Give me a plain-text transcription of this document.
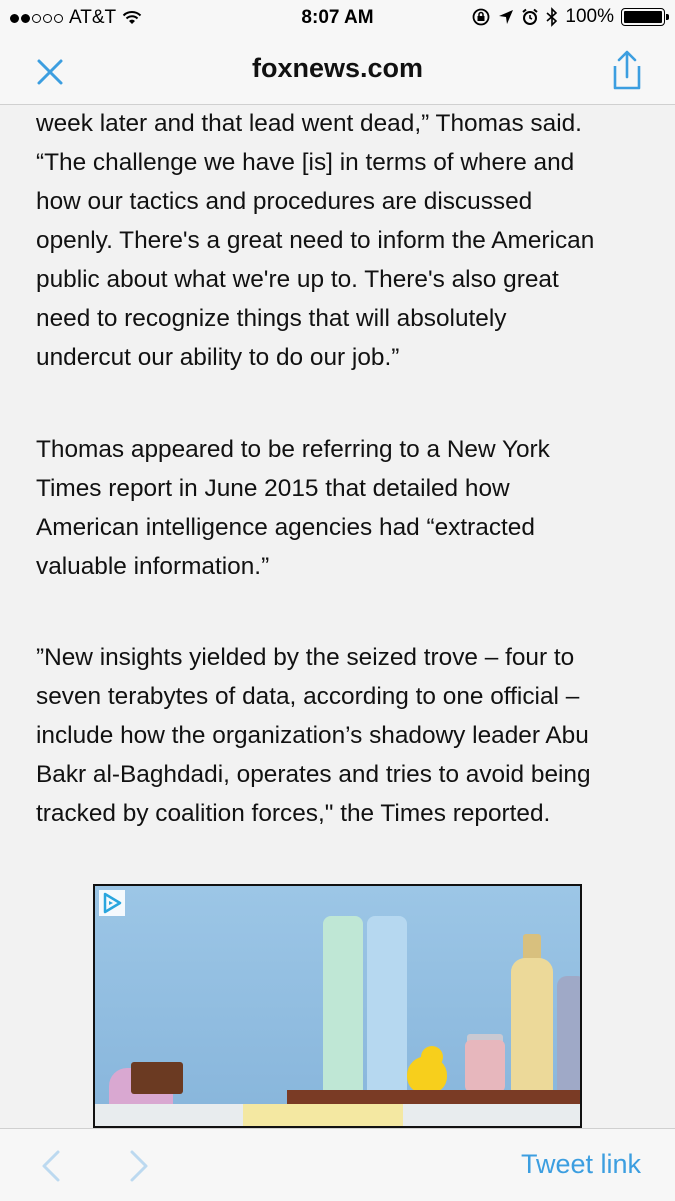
AT&T	8:07 AM	100%
foxnews.com

week later and that lead went dead,” Thomas said.
“The challenge we have [is] in terms of where and
how our tactics and procedures are discussed
openly. There's a great need to inform the American
public about what we're up to. There's also great
need to recognize things that will absolutely
undercut our ability to do our job.”

Thomas appeared to be referring to a New York
Times report in June 2015 that detailed how
American intelligence agencies had “extracted
valuable information.”

”New insights yielded by the seized trove – four to
seven terabytes of data, according to one official –
include how the organization’s shadowy leader Abu
Bakr al-Baghdadi, operates and tries to avoid being
tracked by coalition forces," the Times reported.

Tweet link
